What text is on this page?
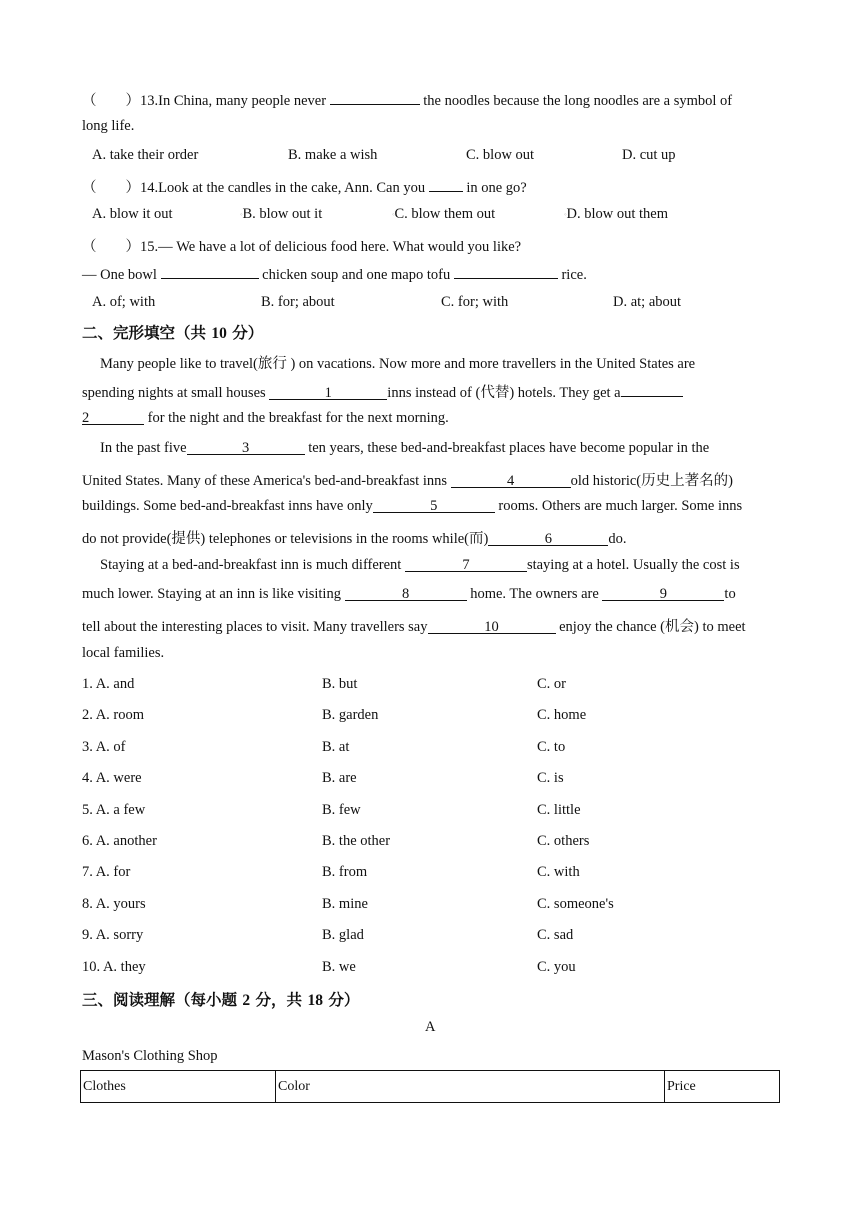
（　　）13.In China, many people never	the noodles because the long noodles are a symbol of
long life.
A. take their order	B. make a wish	C. blow out	D. cut up
（　　）14.Look at the candles in the cake, Ann. Can you  in one go?
A. blow it out	◦B. blow out it	◦C. blow them out	◦D. blow out them
（　　）15.— We have a lot of delicious food here. What would you like?
— One bowl	chicken soup and one mapo tofu	rice.
A. of; with	B. for; about	C. for; with	D. at; about
二、完形填空（共 10 分）
Many people like to travel(旅行 ) on vacations. Now more and more travellers in the United States are
spending nights at small houses	1	inns instead of (代替) hotels. They get a
2	for the night and the breakfast for the next morning.
In the past five	3	ten years, these bed-and-breakfast places have become popular in the
United States. Many of these America's bed-and-breakfast inns	4	old historic(历史上著名的)
buildings. Some bed-and-breakfast inns have only	5	rooms. Others are much larger. Some inns
do not provide(提供) telephones or televisions in the rooms while(而)	6	do.
Staying at a bed-and-breakfast inn is much different	7	staying at a hotel. Usually the cost is
much lower. Staying at an inn is like visiting	8	home. The owners are	9	to
tell about the interesting places to visit. Many travellers say	10	enjoy the chance (机会) to meet
local families.
1. A. and	B. but	C. or
2. A. room	B. garden	C. home
3. A. of	B. at	C. to
4. A. were	B. are	C. is
5. A. a few	B. few	C. little
6. A. another	B. the other	C. others
7. A. for	B. from	C. with
8. A. yours	B. mine	C. someone's
9. A. sorry	B. glad	C. sad
10. A. they	B. we	C. you
三、阅读理解（每小题 2 分，共 18 分）
A
Mason's Clothing Shop
Clothes	Color	Price
